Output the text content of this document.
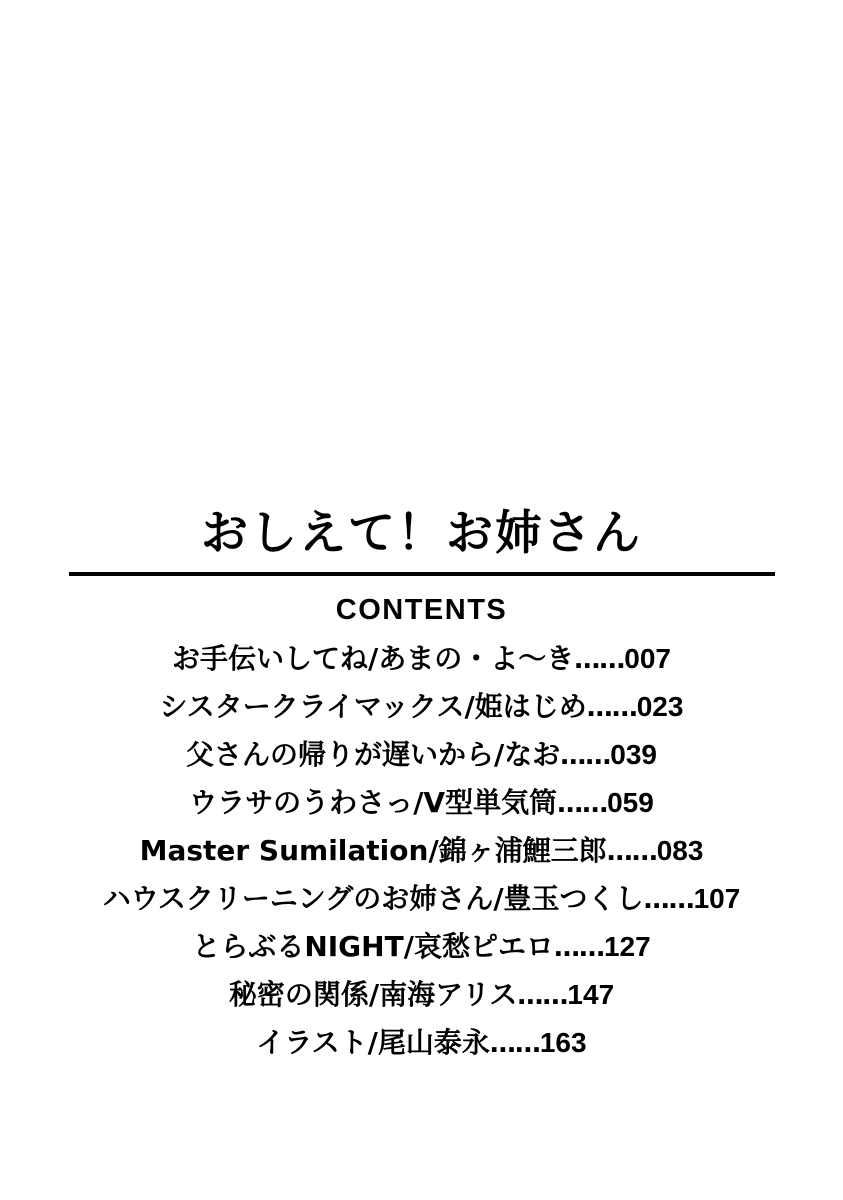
おしえて！お姉さん
CONTENTS
お手伝いしてね/あまの・よ～き……007
シスタークライマックス/姫はじめ……023
父さんの帰りが遅いから/なお……039
ウラサのうわさっ/V型単気筒……059
Master Sumilation/錦ヶ浦鯉三郎……083
ハウスクリーニングのお姉さん/豊玉つくし……107
とらぶるNIGHT/哀愁ピエロ……127
秘密の関係/南海アリス……147
イラスト/尾山泰永……163
